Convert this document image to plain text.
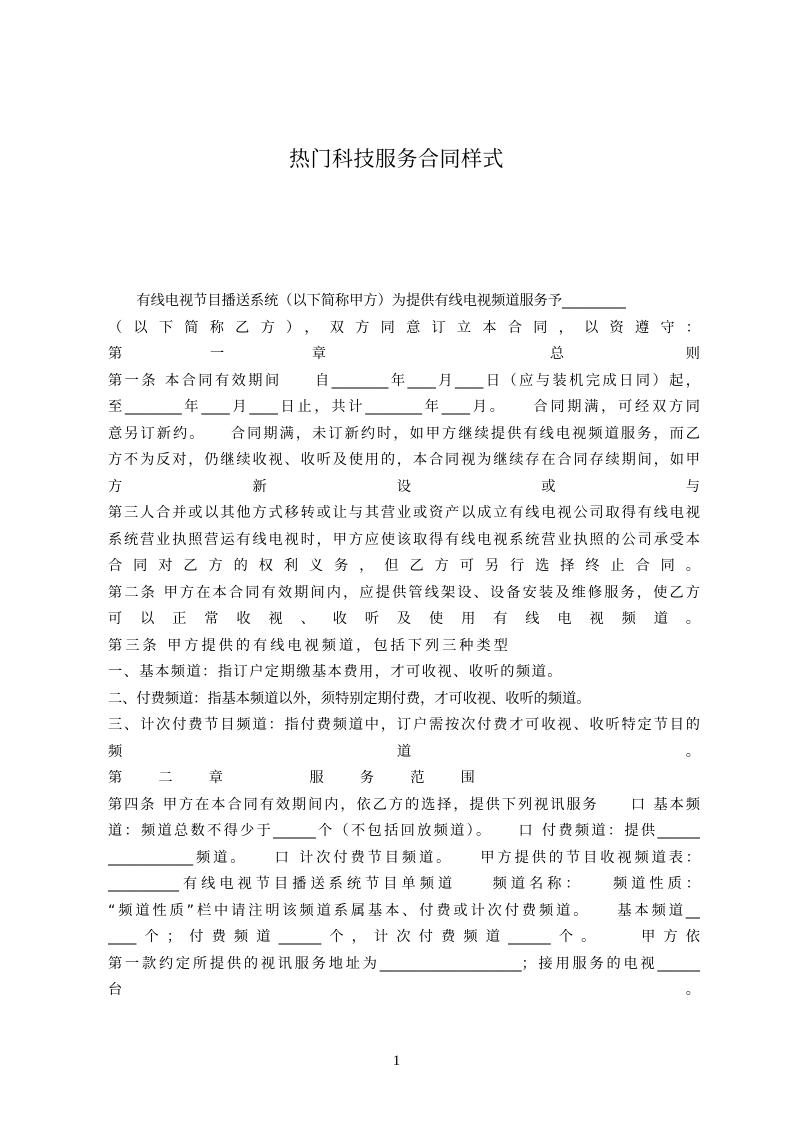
热门科技服务合同样式
　　有线电视节目播送系统（以下简称甲方）为提供有线电视频道服务予_________
（以下简称乙方），双方同意订立本合同，以资遵守：
第　　一　　章　　　　　　总　　　则
第一条 本合同有效期间　　自________年____月____日（应与装机完成日同）起，
至________年____月____日止，共计________年____月。　　合同期满，可经双方同
意另订新约。　　合同期满，未订新约时，如甲方继续提供有线电视频道服务，而乙
方不为反对，仍继续收视、收听及使用的，本合同视为继续存在合同存续期间，如甲
方　　　　新　　　　设　　　　或　　　　与
第三人合并或以其他方式移转或让与其营业或资产以成立有线电视公司取得有线电视
系统营业执照营运有线电视时，甲方应使该取得有线电视系统营业执照的公司承受本
合同对乙方的权利义务，但乙方可另行选择终止合同。
第二条 甲方在本合同有效期间内，应提供管线架设、设备安装及维修服务，使乙方
可以正常收视、收听及使用有线电视频道。
第三条 甲方提供的有线电视频道，包括下列三种类型
一、基本频道：指订户定期缴基本费用，才可收视、收听的频道。
二、付费频道：指基本频道以外，须特别定期付费，才可收视、收听的频道。
三、计次付费节目频道：指付费频道中，订户需按次付费才可收视、收听特定节目的
频　　　　　　道　　　　　　。
第　二　章　　　服　务　范　围
第四条 甲方在本合同有效期间内，依乙方的选择，提供下列视讯服务　　口 基本频
道：频道总数不得少于______个（不包括回放频道）。　　口 付费频道：提供______
____________频道。　　口 计次付费节目频道。　　甲方提供的节目收视频道表：
__________有线电视节目播送系统节目单频道　　频道名称：　　频道性质：
“频道性质”栏中请注明该频道系属基本、付费或计次付费频道。　　基本频道__
____个；付费频道______个，计次付费频道______个。　　甲方依
第一款约定所提供的视讯服务地址为____________________；接用服务的电视______
台　　　　　　　　　　　　　　　　　　　　　　　　　　　　　　。
1
